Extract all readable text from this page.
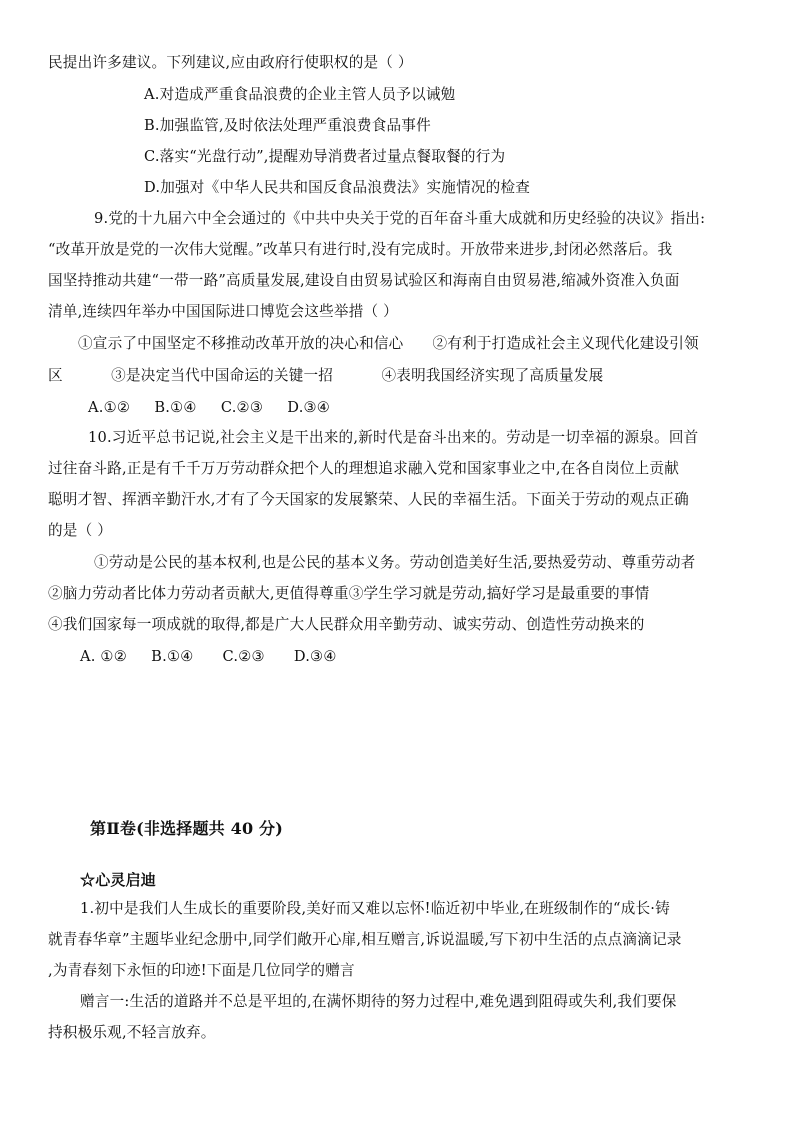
民提出许多建议。下列建议,应由政府行使职权的是（ ）
A.对造成严重食品浪费的企业主管人员予以诫勉
B.加强监管,及时依法处理严重浪费食品事件
C.落实“光盘行动”,提醒劝导消费者过量点餐取餐的行为
D.加强对《中华人民共和国反食品浪费法》实施情况的检查
9.党的十九届六中全会通过的《中共中央关于党的百年奋斗重大成就和历史经验的决议》指出:
“改革开放是党的一次伟大觉醒。”改革只有进行时,没有完成时。开放带来进步,封闭必然落后。我
国坚持推动共建“一带一路”高质量发展,建设自由贸易试验区和海南自由贸易港,缩减外资准入负面
清单,连续四年举办中国国际进口博览会这些举措（ ）
①宣示了中国坚定不移推动改革开放的决心和信心      ②有利于打造成社会主义现代化建设引领
区          ③是决定当代中国命运的关键一招          ④表明我国经济实现了高质量发展
A.①②     B.①④     C.②③     D.③④
10.习近平总书记说,社会主义是干出来的,新时代是奋斗出来的。劳动是一切幸福的源泉。回首
过往奋斗路,正是有千千万万劳动群众把个人的理想追求融入党和国家事业之中,在各自岗位上贡献
聪明才智、挥洒辛勤汗水,才有了今天国家的发展繁荣、人民的幸福生活。下面关于劳动的观点正确
的是（ ）
①劳动是公民的基本权利,也是公民的基本义务。劳动创造美好生活,要热爱劳动、尊重劳动者
②脑力劳动者比体力劳动者贡献大,更值得尊重③学生学习就是劳动,搞好学习是最重要的事情
④我们国家每一项成就的取得,都是广大人民群众用辛勤劳动、诚实劳动、创造性劳动换来的
A. ①②     B.①④      C.②③      D.③④
第Ⅱ卷(非选择题共 40 分)
☆心灵启迪
1.初中是我们人生成长的重要阶段,美好而又难以忘怀!临近初中毕业,在班级制作的“成长·铸
就青春华章”主题毕业纪念册中,同学们敞开心扉,相互赠言,诉说温暖,写下初中生活的点点滴滴记录
,为青春刻下永恒的印迹!下面是几位同学的赠言
赠言一:生活的道路并不总是平坦的,在满怀期待的努力过程中,难免遇到阻碍或失利,我们要保
持积极乐观,不轻言放弃。
